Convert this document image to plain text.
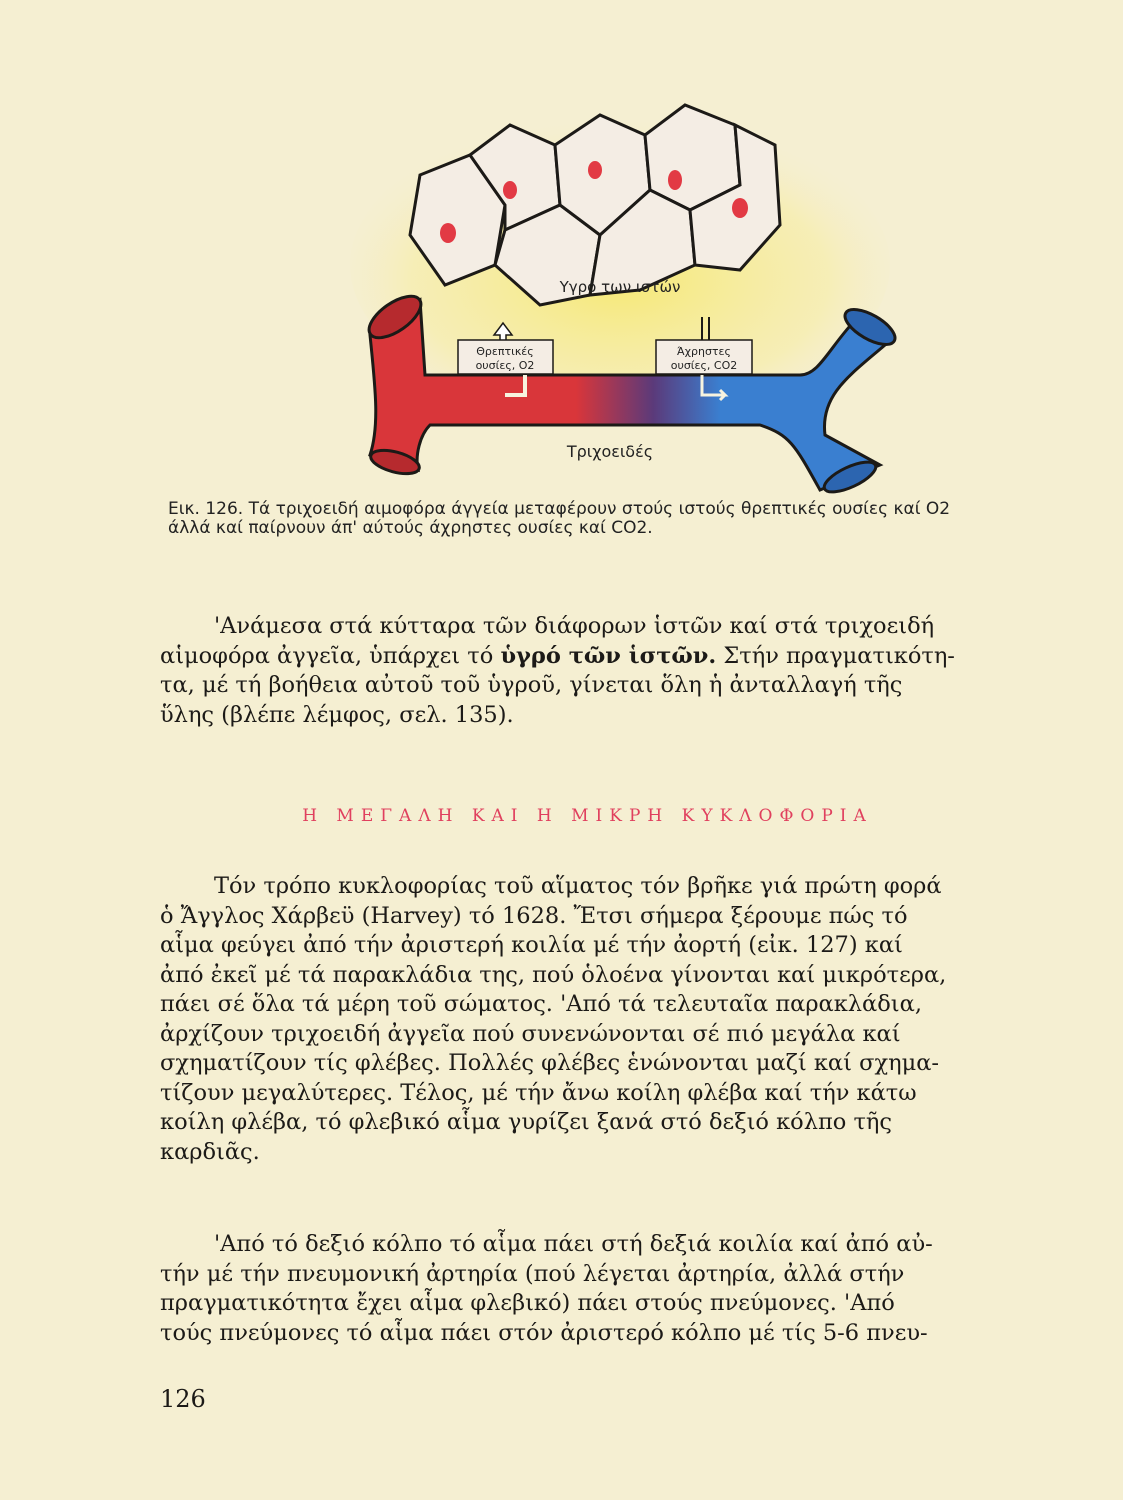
Υγρό των ιστών
Θρεπτικές
ουσίες, O2
Άχρηστες
ουσίες, CO2
Τριχοειδές
Εικ. 126. Τά τριχοειδή αιμοφόρα άγγεία μεταφέρουν στούς ιστούς θρεπτικές ουσίες καί O2
άλλά καί παίρνουν άπ' αύτούς άχρηστες ουσίες καί CO2.
'Ανάμεσα στά κύτταρα τῶν διάφορων ἱστῶν καί στά τριχοειδή
αἱμοφόρα ἀγγεῖα, ὑπάρχει τό ὑγρό τῶν ἱστῶν. Στήν πραγματικότη-
τα, μέ τή βοήθεια αὐτοῦ τοῦ ὑγροῦ, γίνεται ὅλη ἡ ἀνταλλαγή τῆς
ὕλης (βλέπε λέμφος, σελ. 135).
Η ΜΕΓΑΛΗ ΚΑΙ Η ΜΙΚΡΗ ΚΥΚΛΟΦΟΡΙΑ
Τόν τρόπο κυκλοφορίας τοῦ αἵματος τόν βρῆκε γιά πρώτη φορά
ὁ Ἄγγλος Χάρβεϋ (Harvey) τό 1628. Ἔτσι σήμερα ξέρουμε πώς τό
αἷμα φεύγει ἀπό τήν ἀριστερή κοιλία μέ τήν ἀορτή (εἰκ. 127) καί
ἀπό ἐκεῖ μέ τά παρακλάδια της, πού ὁλοένα γίνονται καί μικρότερα,
πάει σέ ὅλα τά μέρη τοῦ σώματος. 'Από τά τελευταῖα παρακλάδια,
ἀρχίζουν τριχοειδή ἀγγεῖα πού συνενώνονται σέ πιό μεγάλα καί
σχηματίζουν τίς φλέβες. Πολλές φλέβες ἑνώνονται μαζί καί σχημα-
τίζουν μεγαλύτερες. Τέλος, μέ τήν ἄνω κοίλη φλέβα καί τήν κάτω
κοίλη φλέβα, τό φλεβικό αἷμα γυρίζει ξανά στό δεξιό κόλπο τῆς
καρδιᾶς.
'Από τό δεξιό κόλπο τό αἷμα πάει στή δεξιά κοιλία καί ἀπό αὐ-
τήν μέ τήν πνευμονική ἀρτηρία (πού λέγεται ἀρτηρία, ἀλλά στήν
πραγματικότητα ἔχει αἷμα φλεβικό) πάει στούς πνεύμονες. 'Από
τούς πνεύμονες τό αἷμα πάει στόν ἀριστερό κόλπο μέ τίς 5-6 πνευ-
126
